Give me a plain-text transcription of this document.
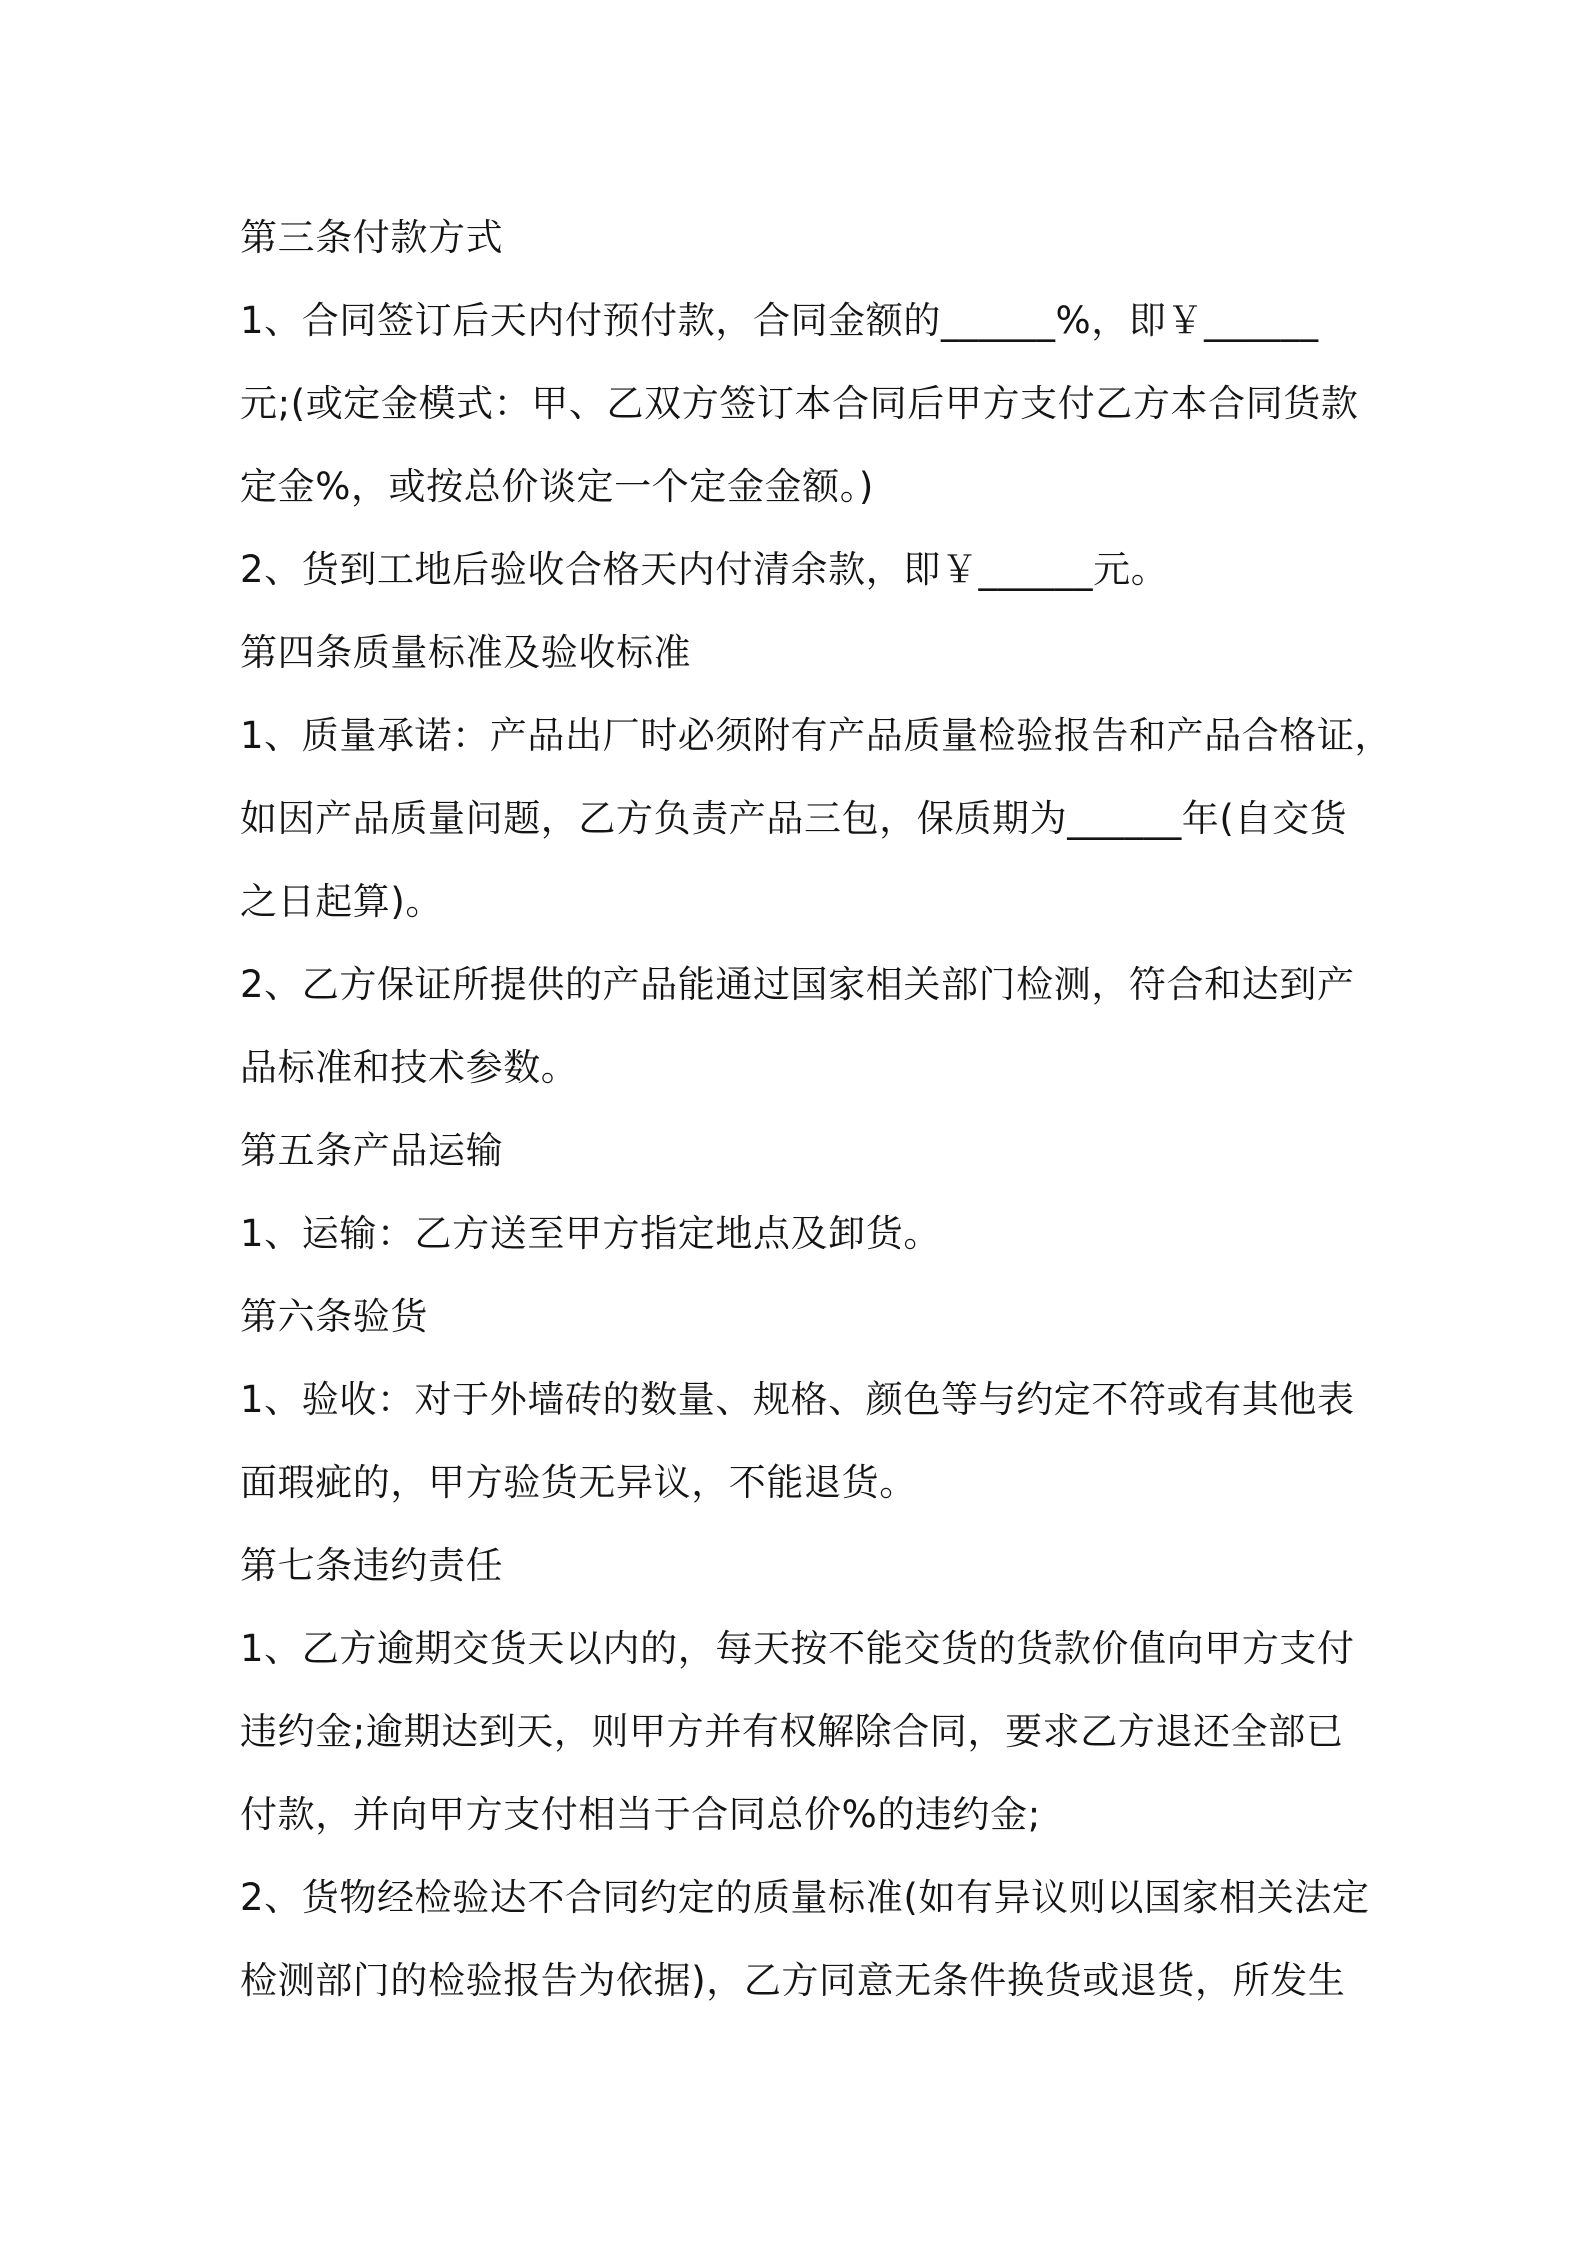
第三条付款方式
1、合同签订后天内付预付款，合同金额的______%，即￥______
元;(或定金模式：甲、乙双方签订本合同后甲方支付乙方本合同货款
定金%，或按总价谈定一个定金金额。)
2、货到工地后验收合格天内付清余款，即￥______元。
第四条质量标准及验收标准
1、质量承诺：产品出厂时必须附有产品质量检验报告和产品合格证，
如因产品质量问题，乙方负责产品三包，保质期为______年(自交货
之日起算)。
2、乙方保证所提供的产品能通过国家相关部门检测，符合和达到产
品标准和技术参数。
第五条产品运输
1、运输：乙方送至甲方指定地点及卸货。
第六条验货
1、验收：对于外墙砖的数量、规格、颜色等与约定不符或有其他表
面瑕疵的，甲方验货无异议，不能退货。
第七条违约责任
1、乙方逾期交货天以内的，每天按不能交货的货款价值向甲方支付
违约金;逾期达到天，则甲方并有权解除合同，要求乙方退还全部已
付款，并向甲方支付相当于合同总价%的违约金;
2、货物经检验达不合同约定的质量标准(如有异议则以国家相关法定
检测部门的检验报告为依据)，乙方同意无条件换货或退货，所发生
